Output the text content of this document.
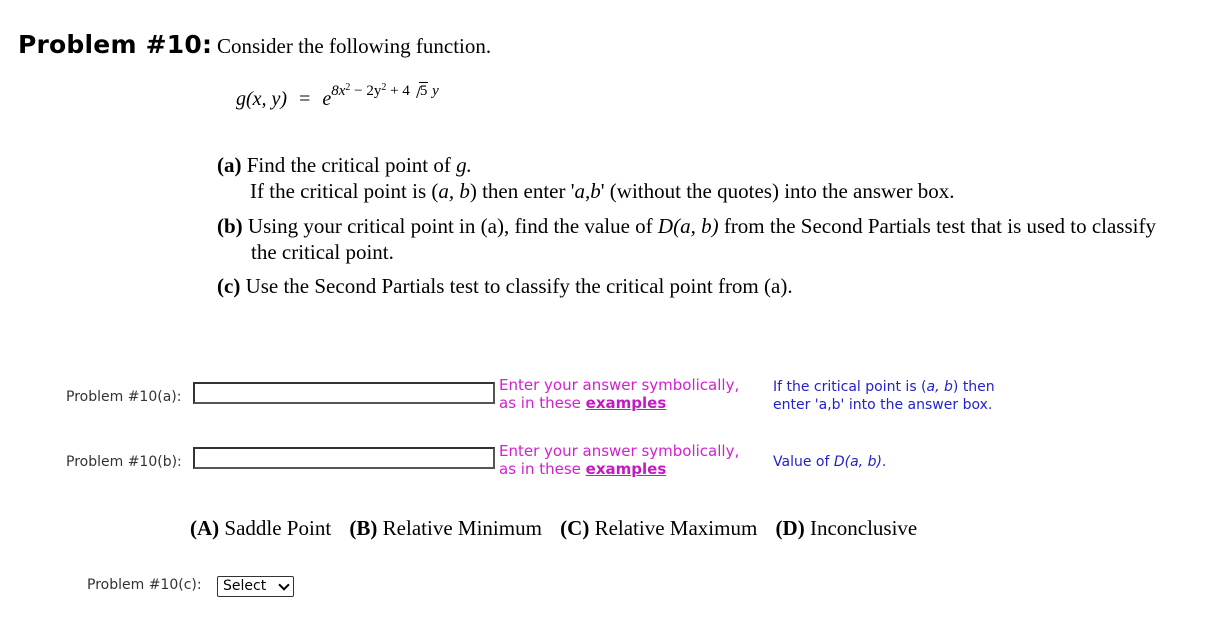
Problem #10: Consider the following function.
g(x, $y) = e^{8x^2 - 2y^2 + 4 5 y}$
(a) Find the critical point of g.
If the critical point is (a, b) then enter 'a,b' (without the quotes) into the answer box.
(b) Using your critical point in (a), find the value of D(a, b) from the Second Partials test that is used to classify
the critical point.
(c) Use the Second Partials test to classify the critical point from (a).
Problem #10(a):
Enter your answer symbolically,
as in these examples
If the critical point is (a, b) then
enter 'a,b' into the answer box.
Problem #10(b):
Enter your answer symbolically,
as in these examples	Value of D(a, b).
(A) Saddle Point (B) Relative Minimum (C) Relative Maximum (D) Inconclusive
Problem #10(c):	Select
